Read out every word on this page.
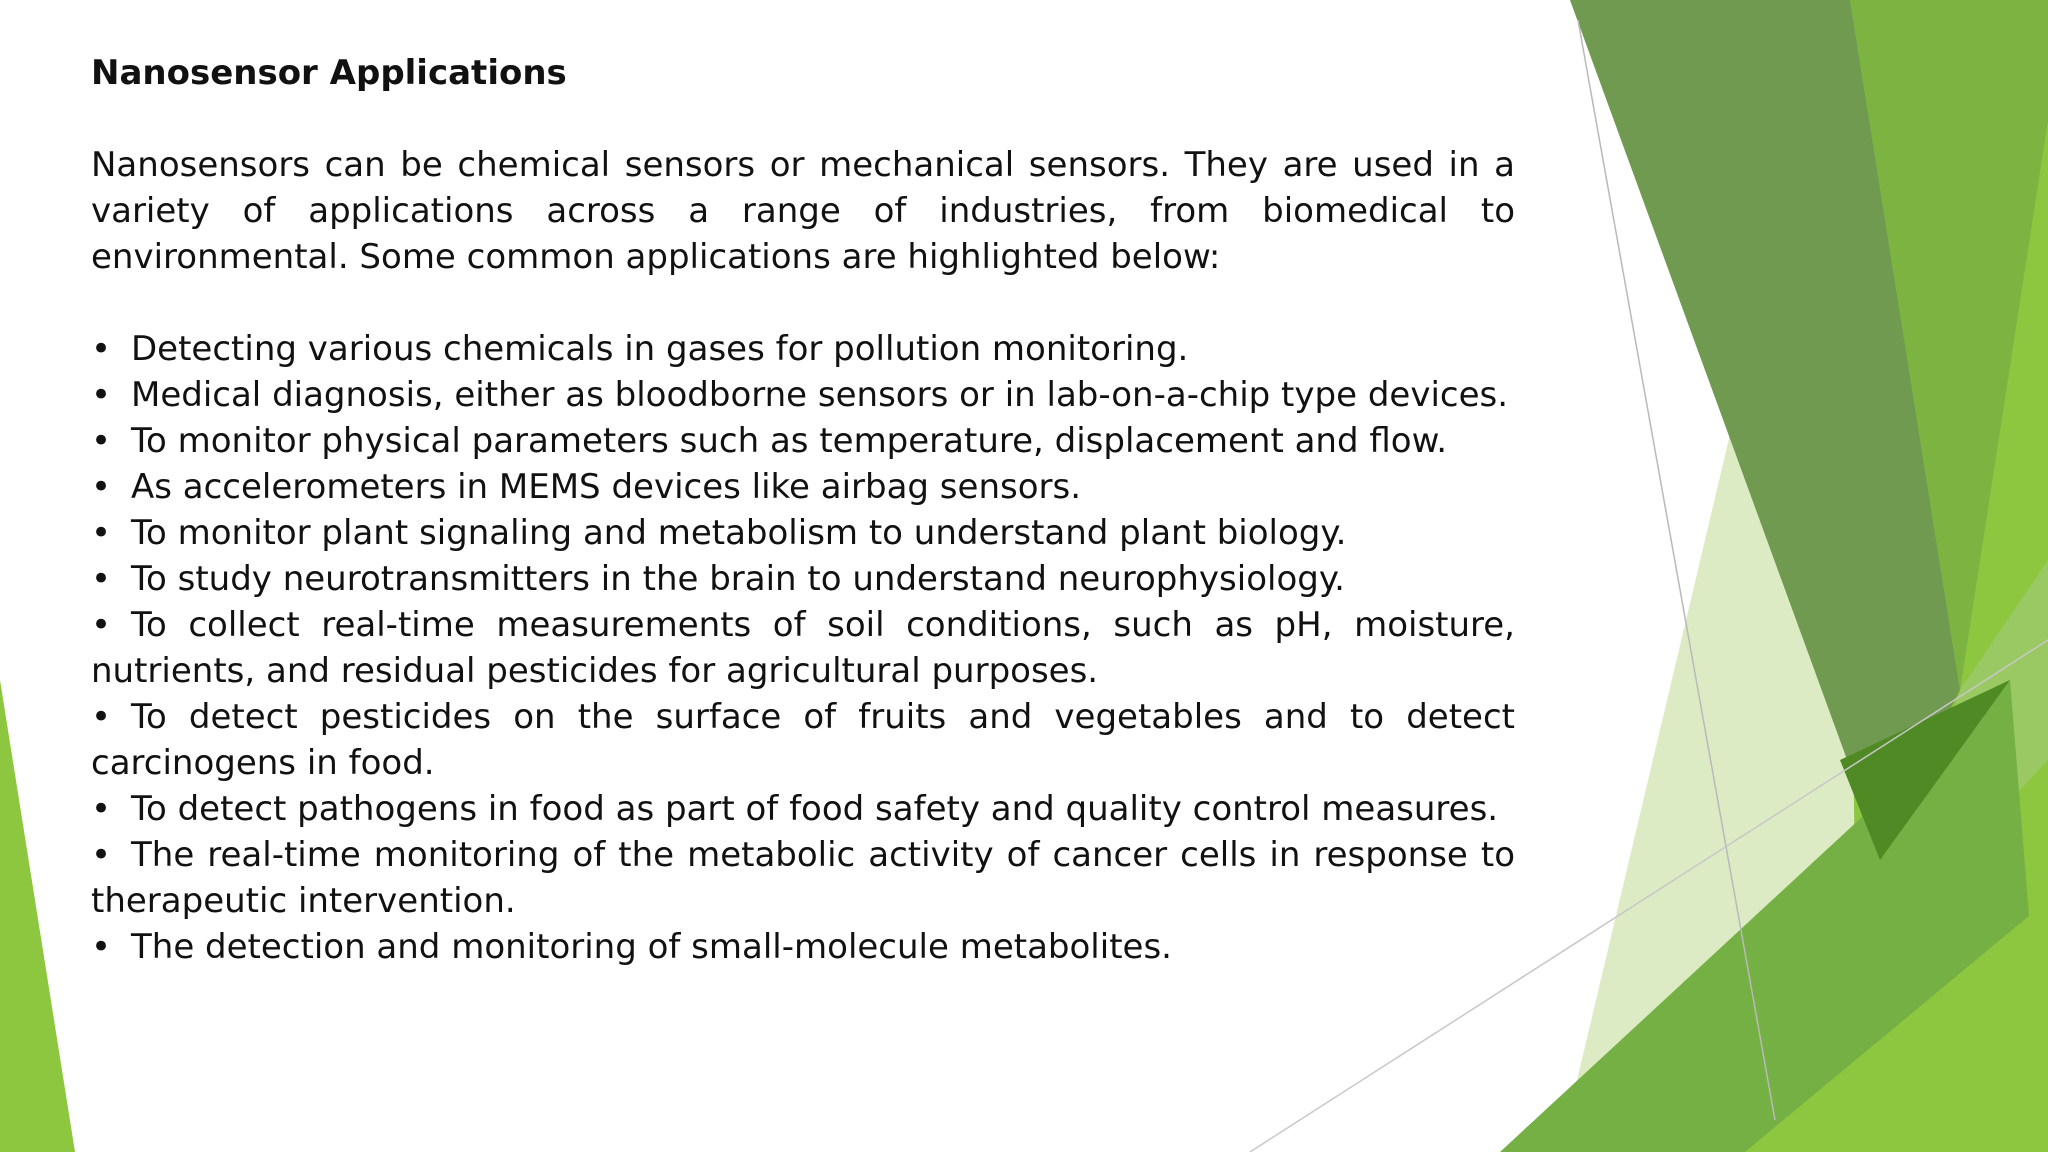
Nanosensor Applications

Nanosensors can be chemical sensors or mechanical sensors. They are used in a variety of applications across a range of industries, from biomedical to environmental. Some common applications are highlighted below:

• Detecting various chemicals in gases for pollution monitoring.
• Medical diagnosis, either as bloodborne sensors or in lab-on-a-chip type devices.
• To monitor physical parameters such as temperature, displacement and flow.
• As accelerometers in MEMS devices like airbag sensors.
• To monitor plant signaling and metabolism to understand plant biology.
• To study neurotransmitters in the brain to understand neurophysiology.
• To collect real-time measurements of soil conditions, such as pH, moisture, nutrients, and residual pesticides for agricultural purposes.
• To detect pesticides on the surface of fruits and vegetables and to detect carcinogens in food.
• To detect pathogens in food as part of food safety and quality control measures.
• The real-time monitoring of the metabolic activity of cancer cells in response to therapeutic intervention.
• The detection and monitoring of small-molecule metabolites.
